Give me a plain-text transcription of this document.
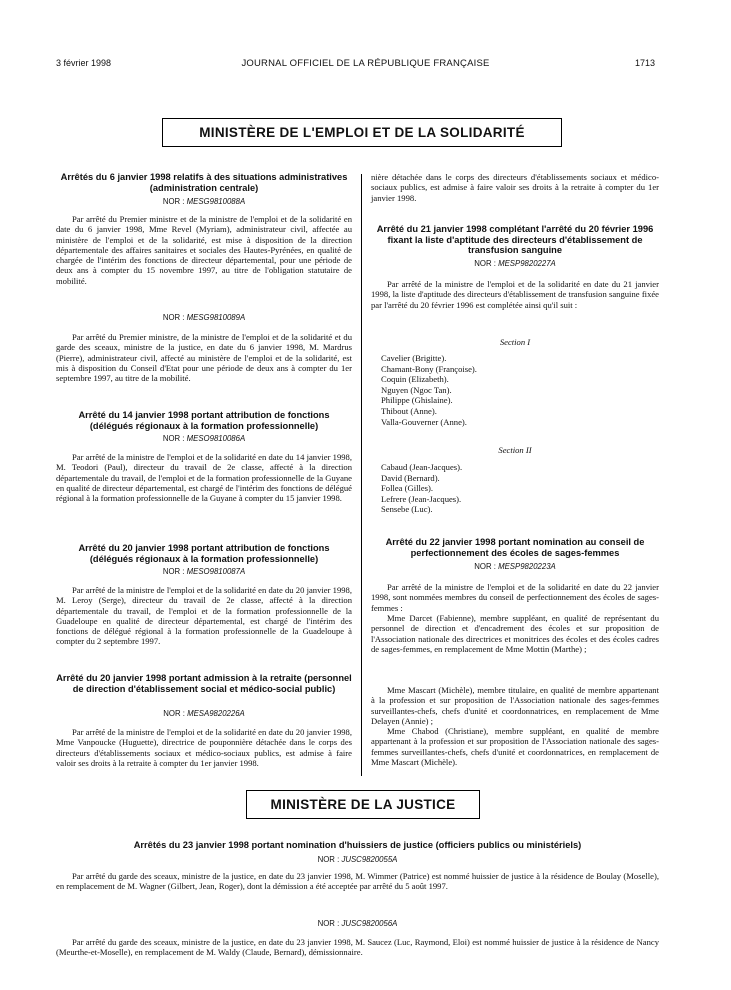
3 février 1998	JOURNAL OFFICIEL DE LA RÉPUBLIQUE FRANÇAISE	1713
MINISTÈRE DE L'EMPLOI ET DE LA SOLIDARITÉ
Arrêtés du 6 janvier 1998 relatifs à des situations administratives (administration centrale)
NOR : MESG9810088A

Par arrêté du Premier ministre et de la ministre de l'emploi et de la solidarité en date du 6 janvier 1998, Mme Revel (Myriam), administrateur civil, affectée au ministère de l'emploi et de la solidarité, est mise à disposition de la direction départementale des affaires sanitaires et sociales des Hautes-Pyrénées, en qualité de chargée de l'intérim des fonctions de directeur départemental, pour une période de deux ans à compter du 15 novembre 1997, au titre de l'obligation statutaire de mobilité.

NOR : MESG9810089A

Par arrêté du Premier ministre, de la ministre de l'emploi et de la solidarité et du garde des sceaux, ministre de la justice, en date du 6 janvier 1998, M. Mardrus (Pierre), administrateur civil, affecté au ministère de l'emploi et de la solidarité, est mis à disposition du Conseil d'Etat pour une période de deux ans à compter du 1er septembre 1997, au titre de la mobilité.

Arrêté du 14 janvier 1998 portant attribution de fonctions (délégués régionaux à la formation professionnelle)
NOR : MESO9810086A

Par arrêté de la ministre de l'emploi et de la solidarité en date du 14 janvier 1998, M. Teodori (Paul), directeur du travail de 2e classe, affecté à la direction départementale du travail, de l'emploi et de la formation professionnelle de la Guyane en qualité de directeur départemental, est chargé de l'intérim des fonctions de délégué régional à la formation professionnelle de la Guyane à compter du 15 janvier 1998.

Arrêté du 20 janvier 1998 portant attribution de fonctions (délégués régionaux à la formation professionnelle)
NOR : MESO9810087A

Par arrêté de la ministre de l'emploi et de la solidarité en date du 20 janvier 1998, M. Leroy (Serge), directeur du travail de 2e classe, affecté à la direction départementale du travail, de l'emploi et de la formation professionnelle de la Guadeloupe en qualité de directeur départemental, est chargé de l'intérim des fonctions de délégué régional à la formation professionnelle de la Guadeloupe à compter du 2 septembre 1997.

Arrêté du 20 janvier 1998 portant admission à la retraite (personnel de direction d'établissement social et médico-social public)
NOR : MESA9820226A

Par arrêté de la ministre de l'emploi et de la solidarité en date du 20 janvier 1998, Mme Vanpoucke (Huguette), directrice de pouponnière détachée dans le corps des directeurs d'établissements sociaux et médico-sociaux publics, est admise à faire valoir ses droits à la retraite à compter du 1er janvier 1998.

nière détachée dans le corps des directeurs d'établissements sociaux et médico-sociaux publics, est admise à faire valoir ses droits à la retraite à compter du 1er janvier 1998.

Arrêté du 21 janvier 1998 complétant l'arrêté du 20 février 1996 fixant la liste d'aptitude des directeurs d'établissement de transfusion sanguine
NOR : MESP9820227A

Par arrêté de la ministre de l'emploi et de la solidarité en date du 21 janvier 1998, la liste d'aptitude des directeurs d'établissement de transfusion sanguine fixée par l'arrêté du 20 février 1996 est complétée ainsi qu'il suit :

Section I
Cavelier (Brigitte).
Chamant-Bony (Françoise).
Coquin (Elizabeth).
Nguyen (Ngoc Tan).
Philippe (Ghislaine).
Thibout (Anne).
Valla-Gouverner (Anne).
Section II
Cabaud (Jean-Jacques).
David (Bernard).
Follea (Gilles).
Lefrere (Jean-Jacques).
Sensebe (Luc).
Arrêté du 22 janvier 1998 portant nomination au conseil de perfectionnement des écoles de sages-femmes
NOR : MESP9820223A

Par arrêté de la ministre de l'emploi et de la solidarité en date du 22 janvier 1998, sont nommées membres du conseil de perfectionnement des écoles de sages-femmes :

Mme Darcet (Fabienne), membre suppléant, en qualité de représentant du personnel de direction et d'encadrement des écoles et sur proposition de l'Association nationale des directrices et monitrices des écoles et des écoles cadres de sages-femmes, en remplacement de Mme Mottin (Marthe) ;

Mme Mascart (Michèle), membre titulaire, en qualité de membre appartenant à la profession et sur proposition de l'Association nationale des sages-femmes surveillantes-chefs, chefs d'unité et coordonnatrices, en remplacement de Mme Delayen (Annie) ;

Mme Chabod (Christiane), membre suppléant, en qualité de membre appartenant à la profession et sur proposition de l'Association nationale des sages-femmes surveillantes-chefs, chefs d'unité et coordonnatrices, en remplacement de Mme Mascart (Michèle).

MINISTÈRE DE LA JUSTICE
Arrêtés du 23 janvier 1998 portant nomination d'huissiers de justice (officiers publics ou ministériels)
NOR : JUSC9820055A

Par arrêté du garde des sceaux, ministre de la justice, en date du 23 janvier 1998, M. Wimmer (Patrice) est nommé huissier de justice à la résidence de Boulay (Moselle), en remplacement de M. Wagner (Gilbert, Jean, Roger), dont la démission a été acceptée par arrêté du 5 août 1997.

NOR : JUSC9820056A

Par arrêté du garde des sceaux, ministre de la justice, en date du 23 janvier 1998, M. Saucez (Luc, Raymond, Eloi) est nommé huissier de justice à la résidence de Nancy (Meurthe-et-Moselle), en remplacement de M. Waldy (Claude, Bernard), démissionnaire.
